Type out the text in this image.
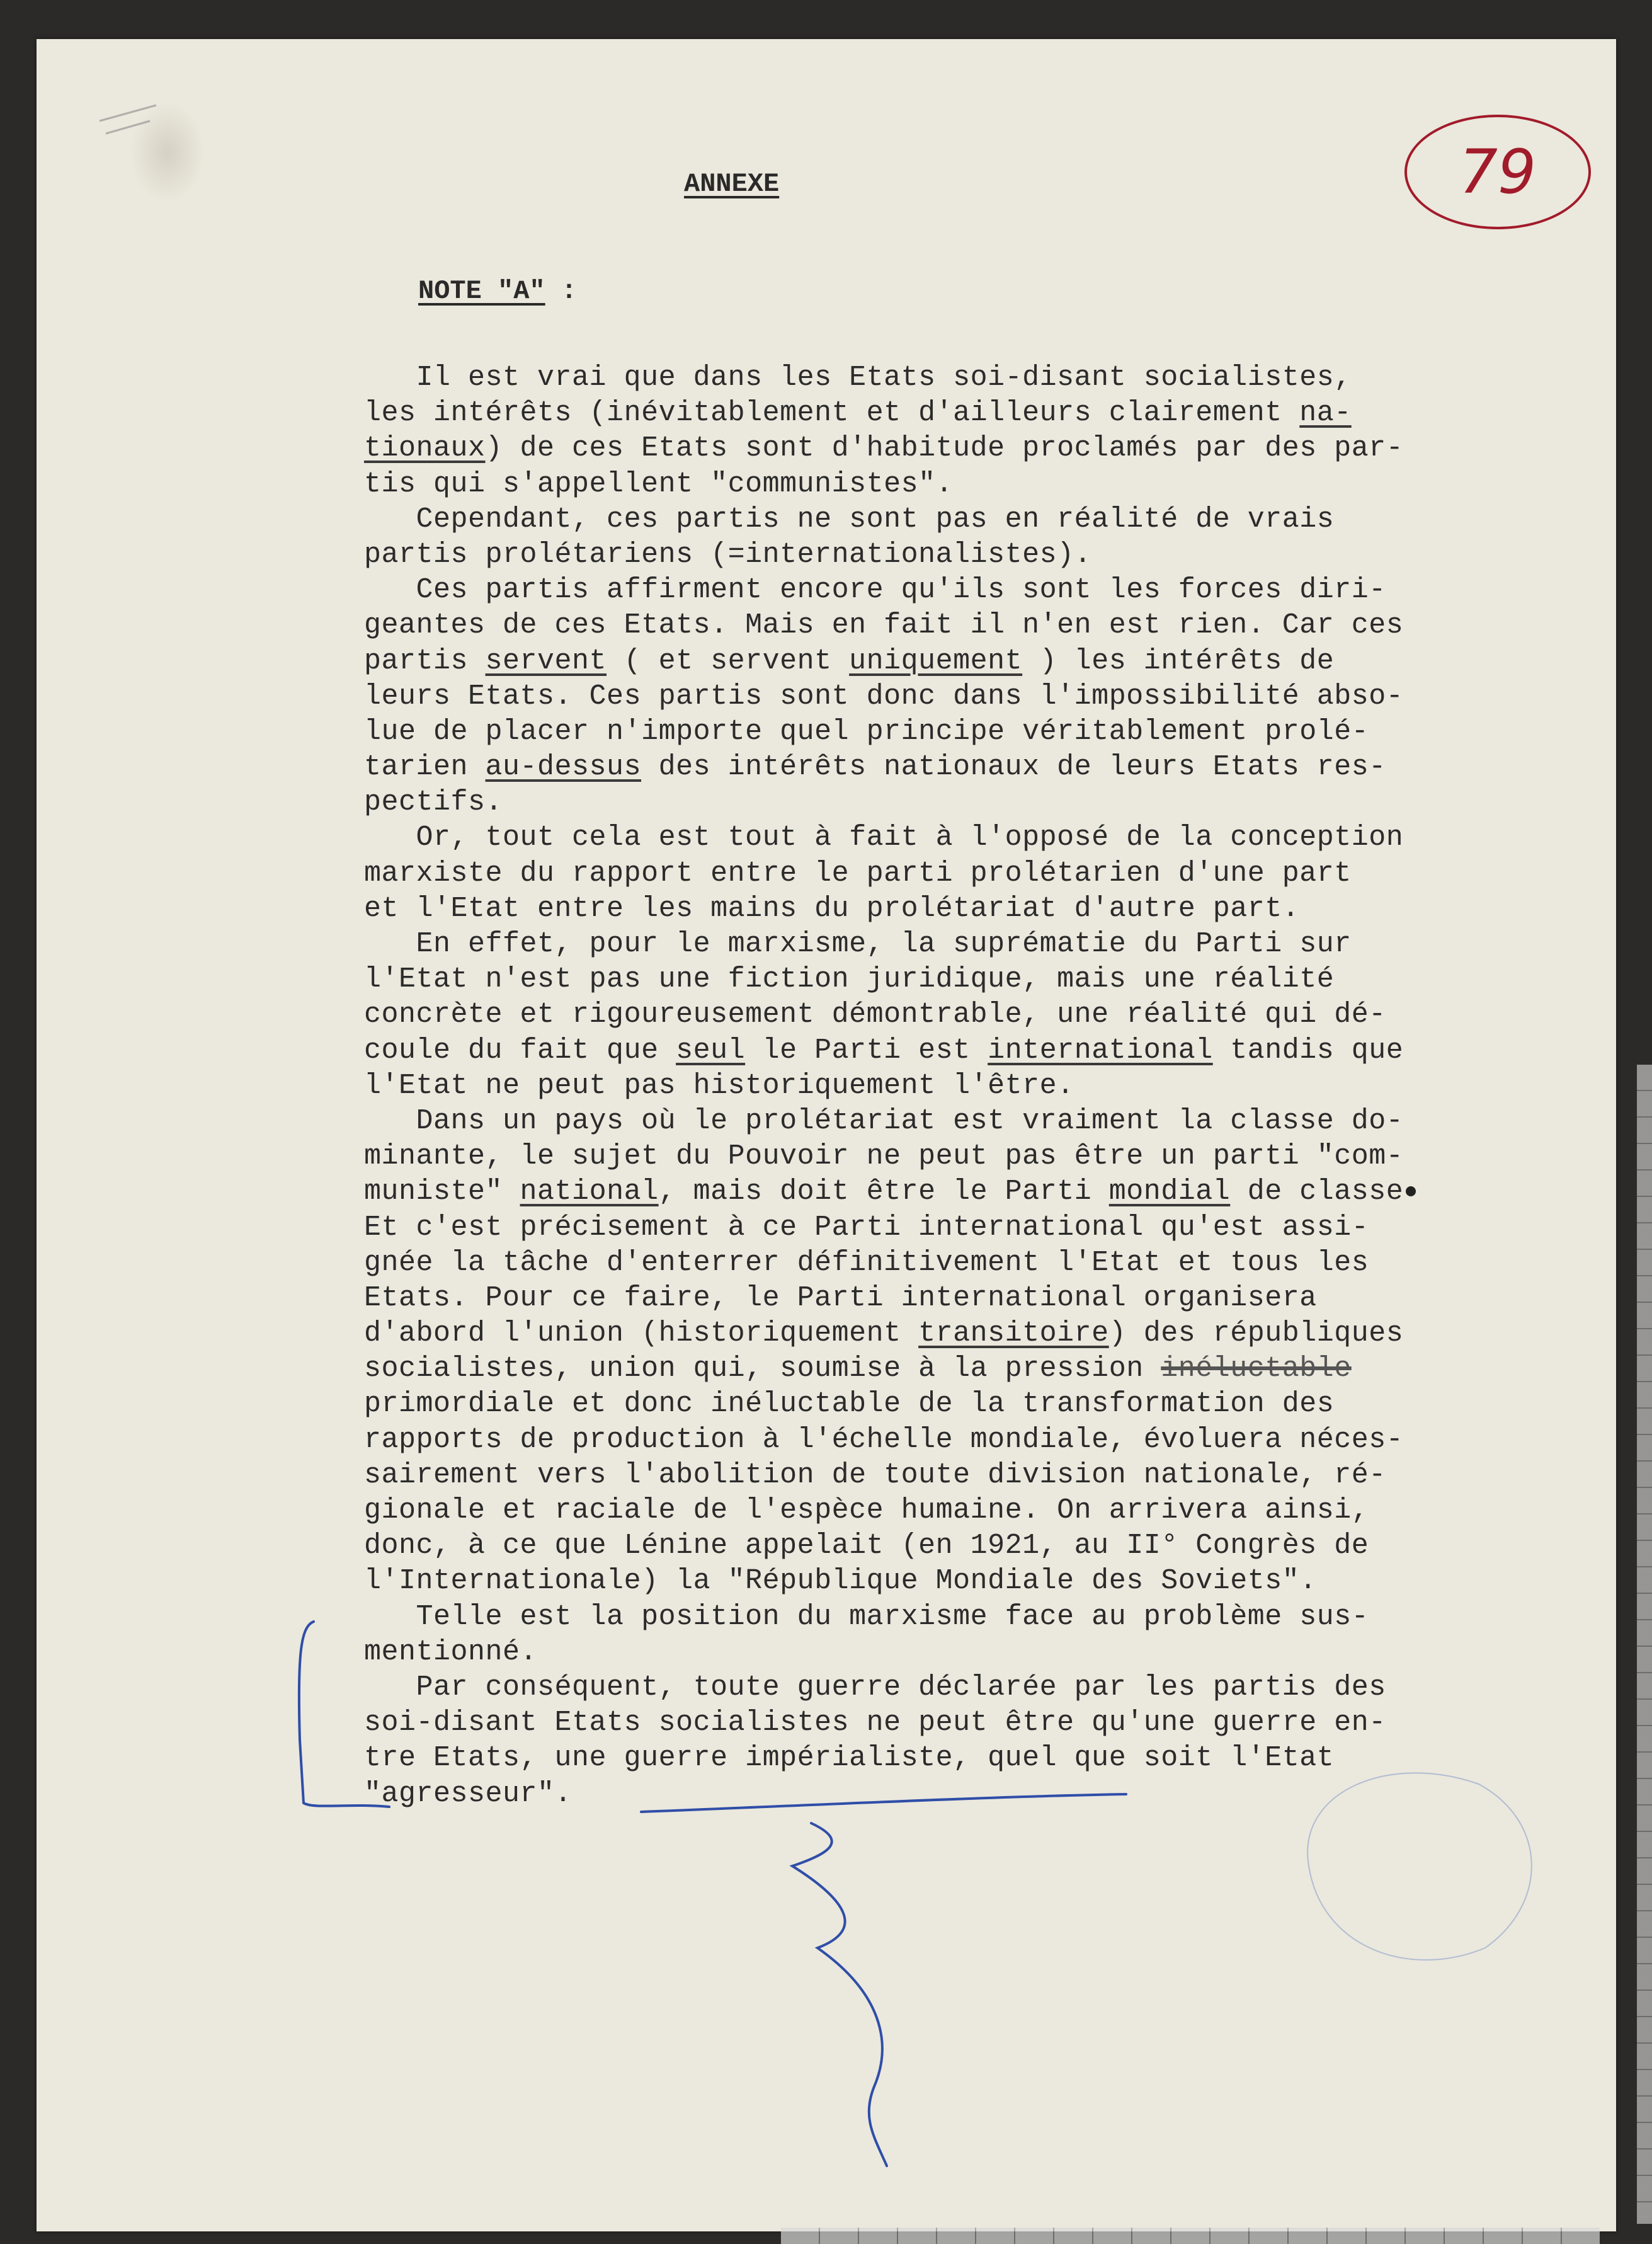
79
ANNEXE
NOTE "A" :
Il est vrai que dans les Etats soi-disant socialistes,
les intérêts (inévitablement et d'ailleurs clairement na-
tionaux) de ces Etats sont d'habitude proclamés par des par-
tis qui s'appellent "communistes".
Cependant, ces partis ne sont pas en réalité de vrais
partis prolétariens (=internationalistes).
Ces partis affirment encore qu'ils sont les forces diri-
geantes de ces Etats. Mais en fait il n'en est rien. Car ces
partis servent ( et servent uniquement ) les intérêts de
leurs Etats. Ces partis sont donc dans l'impossibilité abso-
lue de placer n'importe quel principe véritablement prolé-
tarien au-dessus des intérêts nationaux de leurs Etats res-
pectifs.
Or, tout cela est tout à fait à l'opposé de la conception
marxiste du rapport entre le parti prolétarien d'une part
et l'Etat entre les mains du prolétariat d'autre part.
En effet, pour le marxisme, la suprématie du Parti sur
l'Etat n'est pas une fiction juridique, mais une réalité
concrète et rigoureusement démontrable, une réalité qui dé-
coule du fait que seul le Parti est international tandis que
l'Etat ne peut pas historiquement l'être.
Dans un pays où le prolétariat est vraiment la classe do-
minante, le sujet du Pouvoir ne peut pas être un parti "com-
muniste" national, mais doit être le Parti mondial de classe
Et c'est précisement à ce Parti international qu'est assi-
gnée la tâche d'enterrer définitivement l'Etat et tous les
Etats. Pour ce faire, le Parti international organisera
d'abord l'union (historiquement transitoire) des républiques
socialistes, union qui, soumise à la pression inéluctable
primordiale et donc inéluctable de la transformation des
rapports de production à l'échelle mondiale, évoluera néces-
sairement vers l'abolition de toute division nationale, ré-
gionale et raciale de l'espèce humaine. On arrivera ainsi,
donc, à ce que Lénine appelait (en 1921, au II° Congrès de
l'Internationale) la "République Mondiale des Soviets".
Telle est la position du marxisme face au problème sus-
mentionné.
Par conséquent, toute guerre déclarée par les partis des
soi-disant Etats socialistes ne peut être qu'une guerre en-
tre Etats, une guerre impérialiste, quel que soit l'Etat
"agresseur".
